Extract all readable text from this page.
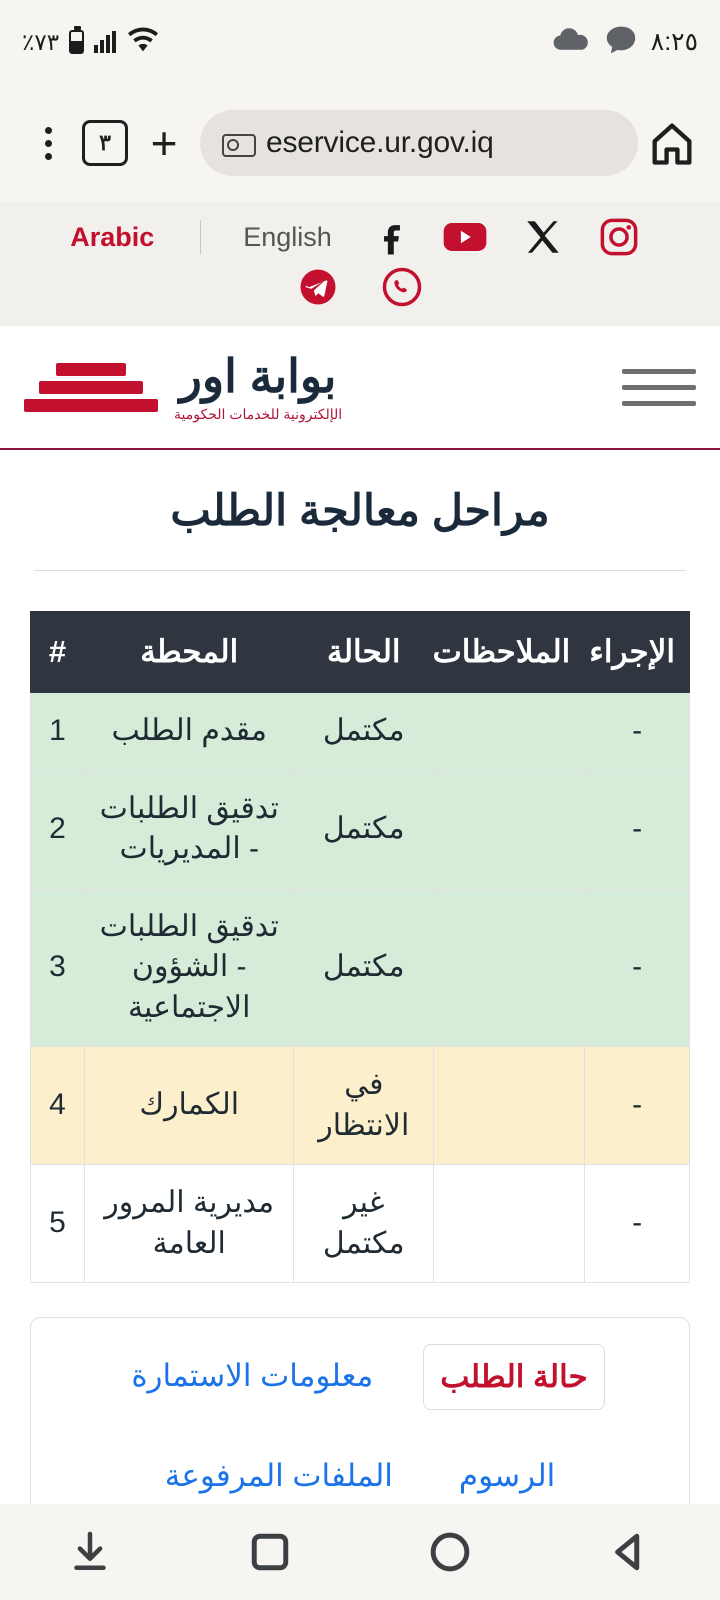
٪٧٣	٨:٢٥
٣ +	eservice.ur.gov.iq
English
Arabic
بوابة اور
الإلكترونية للخدمات الحكومية
مراحل معالجة الطلب
الإجراء	الملاحظات	الحالة	المحطة	#
-		مكتمل	مقدم الطلب	1
-		مكتمل	تدقيق الطلبات - المديريات	2
-		مكتمل	تدقيق الطلبات - الشؤون الاجتماعية	3
-		في الانتظار	الكمارك	4
-		غير مكتمل	مديرية المرور العامة	5
حالة الطلب
معلومات الاستمارة
الرسوم
الملفات المرفوعة
